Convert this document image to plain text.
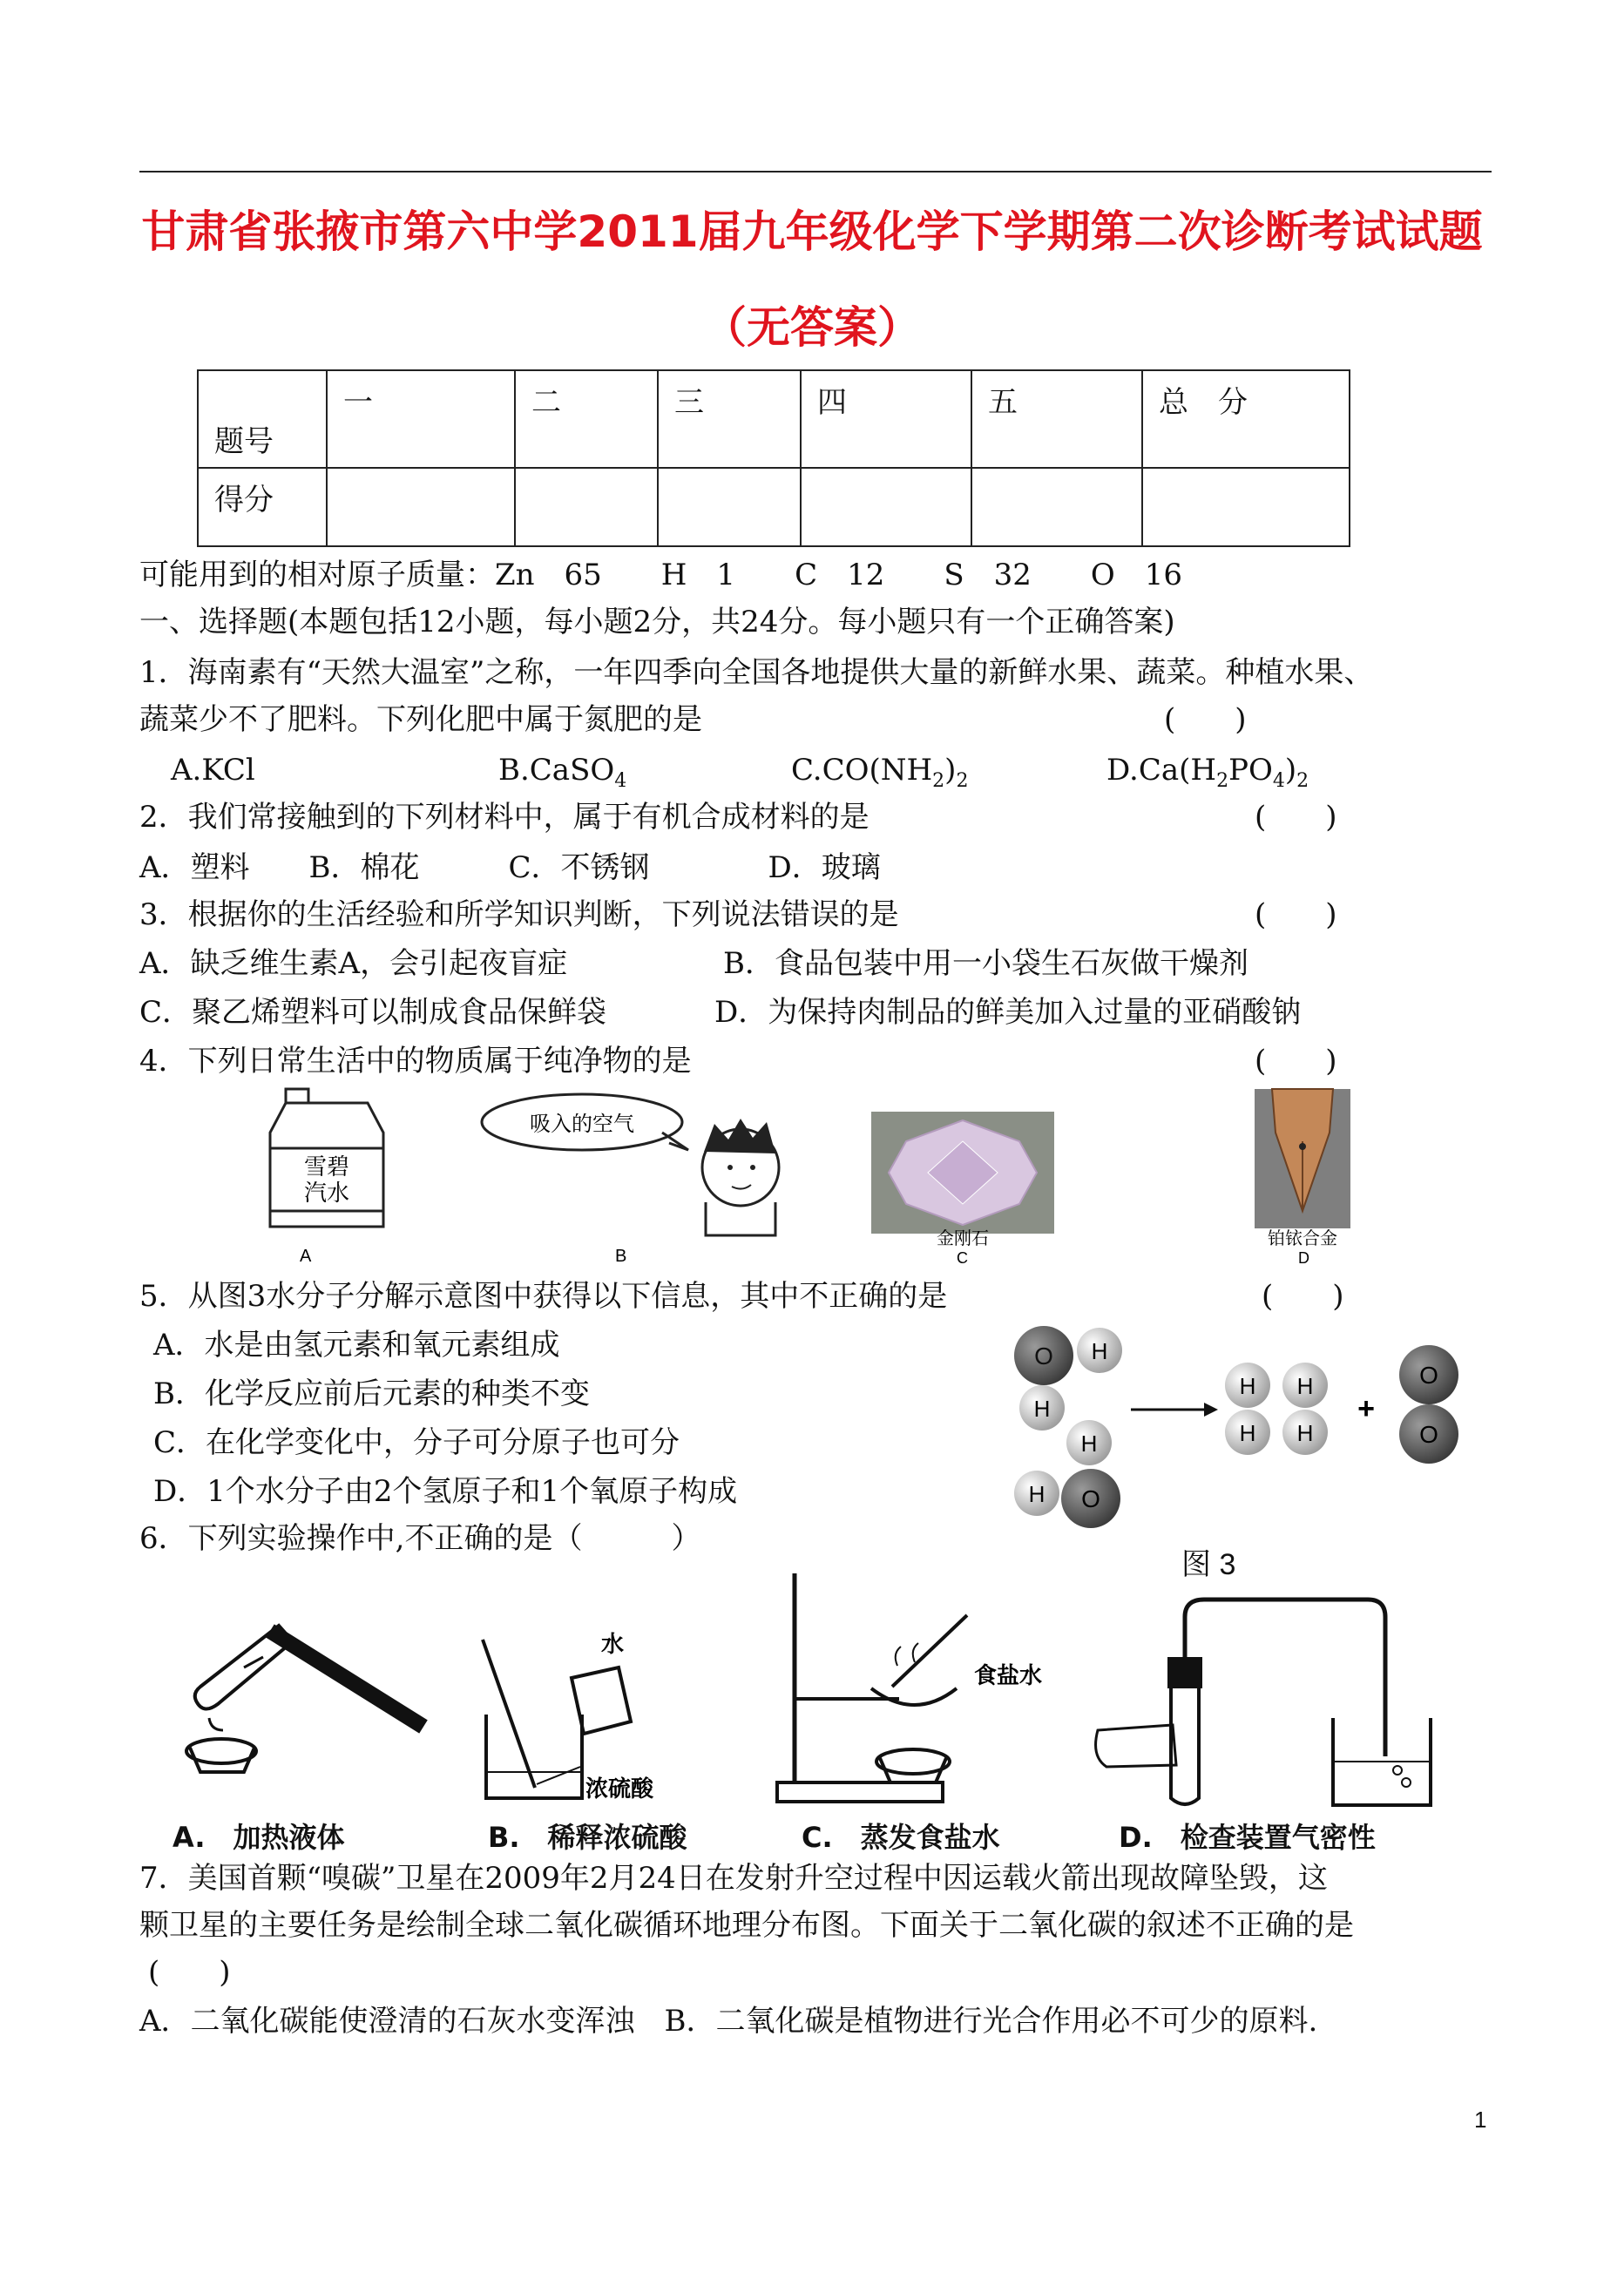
甘肃省张掖市第六中学2011届九年级化学下学期第二次诊断考试试题
（无答案）
题号	一	二	三	四	五	总　分
得分						
可能用到的相对原子质量：Zn　65　　H　1　　C　12　　S　32　　O　16
一、选择题(本题包括12小题，每小题2分，共24分。每小题只有一个正确答案)
1．海南素有“天然大温室”之称，一年四季向全国各地提供大量的新鲜水果、蔬菜。种植水果、
蔬菜少不了肥料。下列化肥中属于氮肥的是	(　　)
A.KCl	B.CaSO$_4$	$C.CO(NH_2)_2$	$D.Ca(H_2PO_4)_2$
2．我们常接触到的下列材料中，属于有机合成材料的是	(　　)
A．塑料　　B．棉花　　　C．不锈钢　　　　D．玻璃
3．根据你的生活经验和所学知识判断，下列说法错误的是	(　　)
A．缺乏维生素A，会引起夜盲症	B．食品包装中用一小袋生石灰做干燥剂
C．聚乙烯塑料可以制成食品保鲜袋	D．为保持肉制品的鲜美加入过量的亚硝酸钠
4．下列日常生活中的物质属于纯净物的是	(　　)
雪碧
汽水
A
吸入的空气
B
金刚石
C
铂铱合金
D
5．从图3水分子分解示意图中获得以下信息，其中不正确的是	(　　)
A．水是由氢元素和氧元素组成
B．化学反应前后元素的种类不变
C．在化学变化中，分子可分原子也可分
D．1个水分子由2个氢原子和1个氧原子构成
O H
H
H
H O
H
H
H
H
+
O
O
6．下列实验操作中,不正确的是（　　　）
图 3
水
浓硫酸
食盐水
A.　加热液体	B.　稀释浓硫酸	C.　蒸发食盐水	D.　检查装置气密性
7．美国首颗“嗅碳”卫星在2009年2月24日在发射升空过程中因运载火箭出现故障坠毁，这
颗卫星的主要任务是绘制全球二氧化碳循环地理分布图。下面关于二氧化碳的叙述不正确的是
(　　)
A．二氧化碳能使澄清的石灰水变浑浊　B．二氧化碳是植物进行光合作用必不可少的原料.
1
